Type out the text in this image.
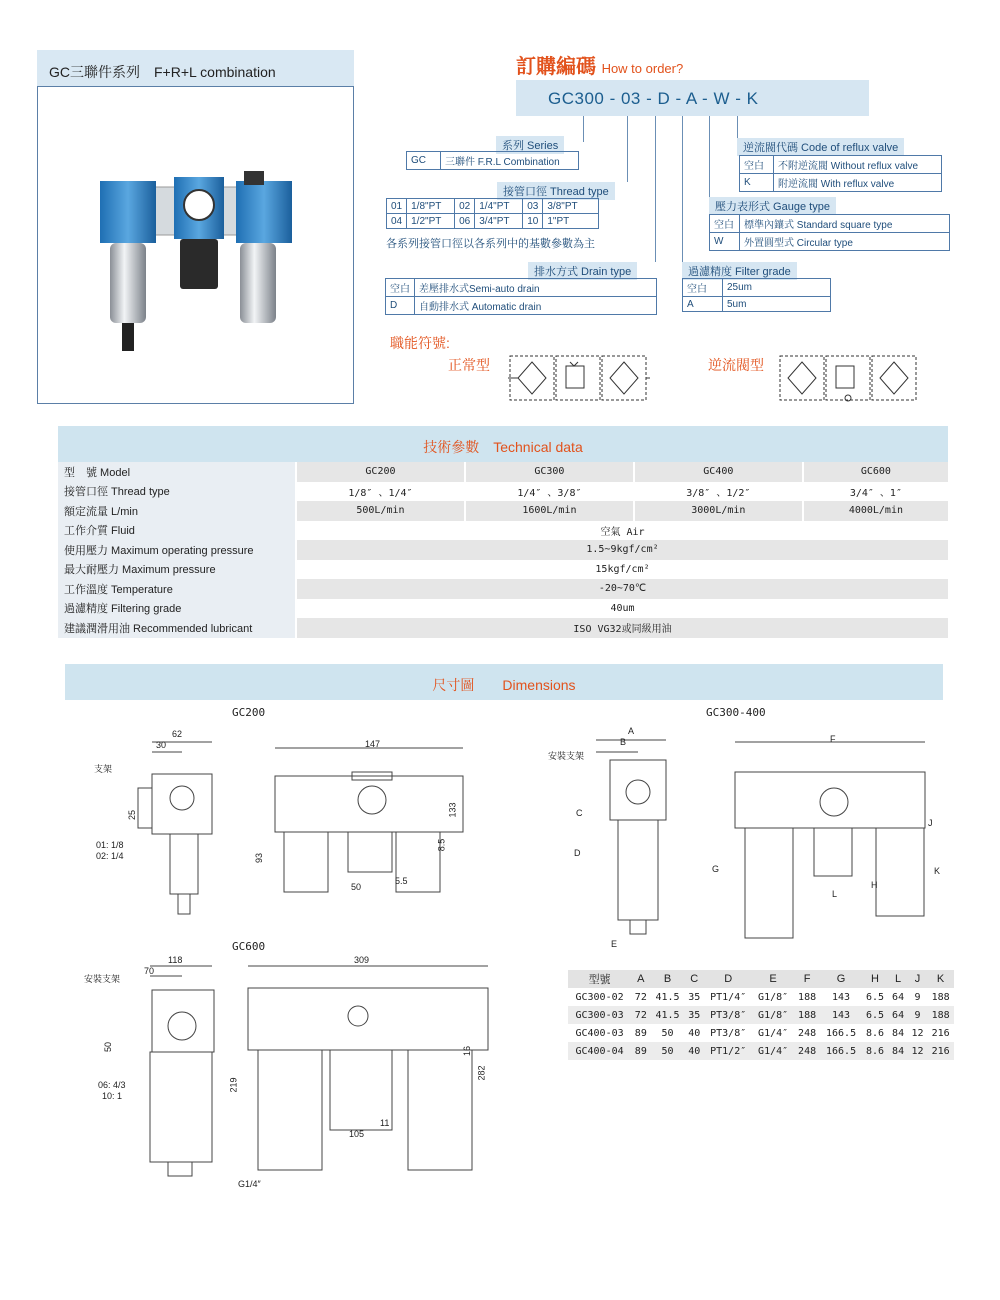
GC三聯件系列　F+R+L combination	訂購編碼 How to order?
GC300 - 03 - D - A - W - K
系列 Series
GC	三聯件 F.R.L Combination
接管口徑 Thread type
01	1/8"PT	02	1/4"PT	03	3/8"PT
04	1/2"PT	06	3/4"PT	10	1"PT
各系列接管口徑以各系列中的基數參數為主
排水方式 Drain type
空白	差壓排水式Semi-auto drain
D	自動排水式 Automatic drain
過濾精度 Filter grade
空白	25um
A	5um
壓力表形式 Gauge type
空白	標準內鑲式 Standard square type
W	外置圓型式 Circular type
逆流閥代碼 Code of reflux valve
空白	不附逆流閥 Without reflux valve
K	附逆流閥 With reflux valve
職能符號:
正常型	逆流閥型
技術參數　Technical data
型　號 Model	GC200	GC300	GC400	GC600
接管口徑 Thread type	1/8″ 、1/4″	1/4″ 、3/8″	3/8″ 、1/2″	3/4″ 、1″
額定流量 L/min	500L/min	1600L/min	3000L/min	4000L/min
工作介質 Fluid	空氣 Air			
使用壓力 Maximum operating pressure	1.5~9kgf/cm²			
最大耐壓力 Maximum pressure	15kgf/cm²			
工作溫度 Temperature	-20~70℃			
過濾精度 Filtering grade	40um			
建議潤滑用油 Recommended lubricant	ISO VG32或同級用油			
尺寸圖　　Dimensions
GC200	GC300-400
GC600
62
30
25
147
133
93
8.5
50
5.5
支架
01: 1/8
02: 1/4
A
B
C
D
E
F
J
G
H
L
K
安裝支架
型號	A	B	C	D	E	F	G	H	L	J	K
GC300-02	72	41.5	35	PT1/4″	G1/8″	188	143	6.5	64	9	188
GC300-03	72	41.5	35	PT3/8″	G1/8″	188	143	6.5	64	9	188
GC400-03	89	50	40	PT3/8″	G1/4″	248	166.5	8.6	84	12	216
GC400-04	89	50	40	PT1/2″	G1/4″	248	166.5	8.6	84	12	216
118
70
50
309
16
282
219
11
105
安裝支架
06: 4/3
10: 1
G1/4″
